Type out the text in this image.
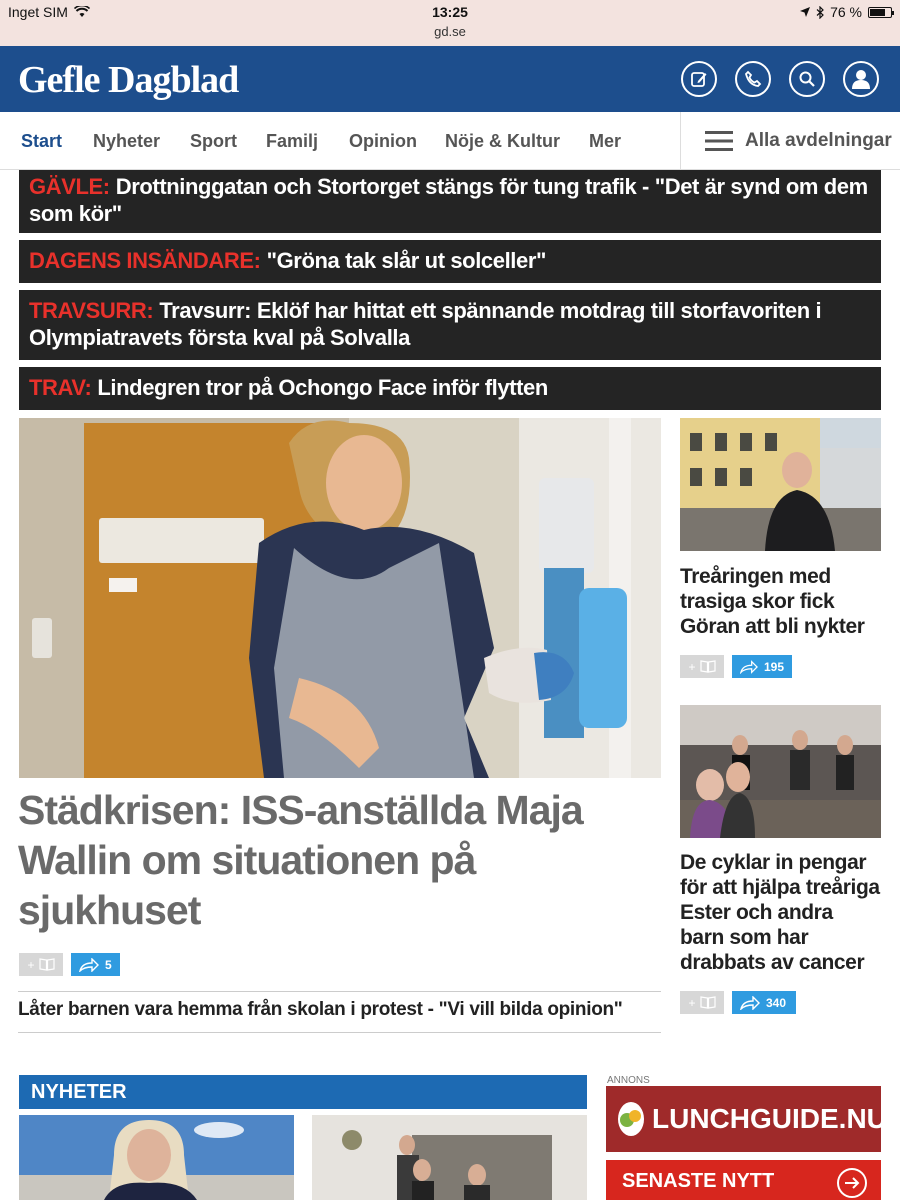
Inget SIM	13:25
gd.se
76 %
Gefle Dagblad
Start Nyheter Sport Familj Opinion Nöje & Kultur Mer	Alla avdelningar
GÄVLE: Drottninggatan och Stortorget stängs för tung trafik - "Det är synd om dem som kör"
DAGENS INSÄNDARE: "Gröna tak slår ut solceller"
TRAVSURR: Travsurr: Eklöf har hittat ett spännande motdrag till storfavoriten i Olympiatravets första kval på Solvalla
TRAV: Lindegren tror på Ochongo Face inför flytten
Städkrisen: ISS-anställda Maja Wallin om situationen på sjukhuset
+	5
Låter barnen vara hemma från skolan i protest - "Vi vill bilda opinion"
Treåringen med trasiga skor fick Göran att bli nykter
+	195
De cyklar in pengar för att hjälpa treåriga Ester och andra barn som har drabbats av cancer
+	340
NYHETER
ANNONS
LUNCHGUIDE.NU
SENASTE NYTT
